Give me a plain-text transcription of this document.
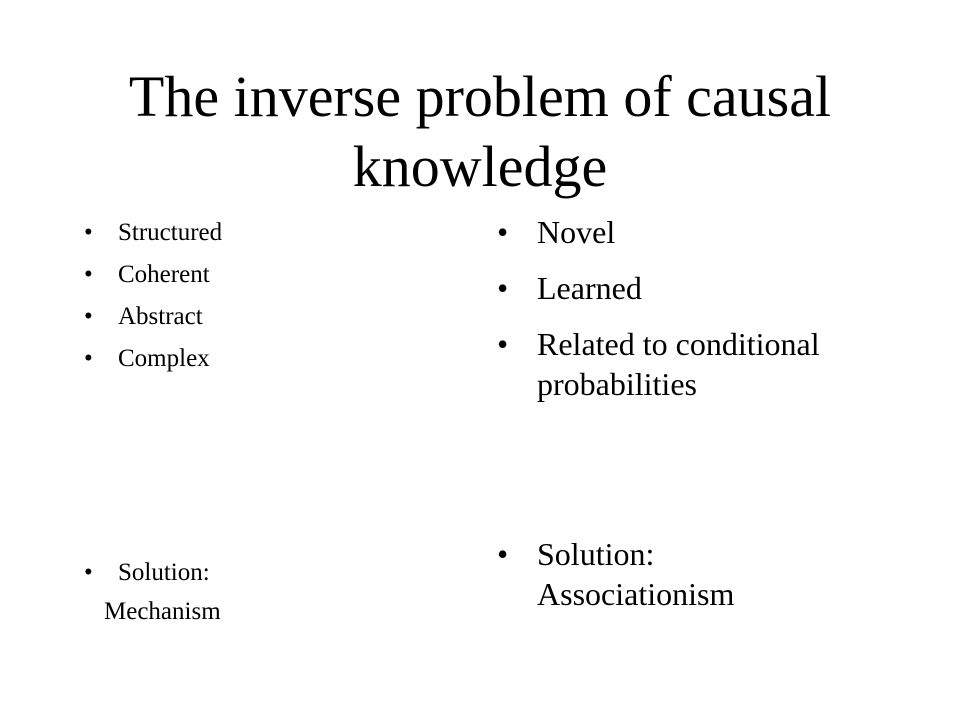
The inverse problem of causal knowledge
• Structured
• Coherent
• Abstract
• Complex
• Solution:
Mechanism
• Novel
• Learned
• Related to conditional probabilities
• Solution:
Associationism
